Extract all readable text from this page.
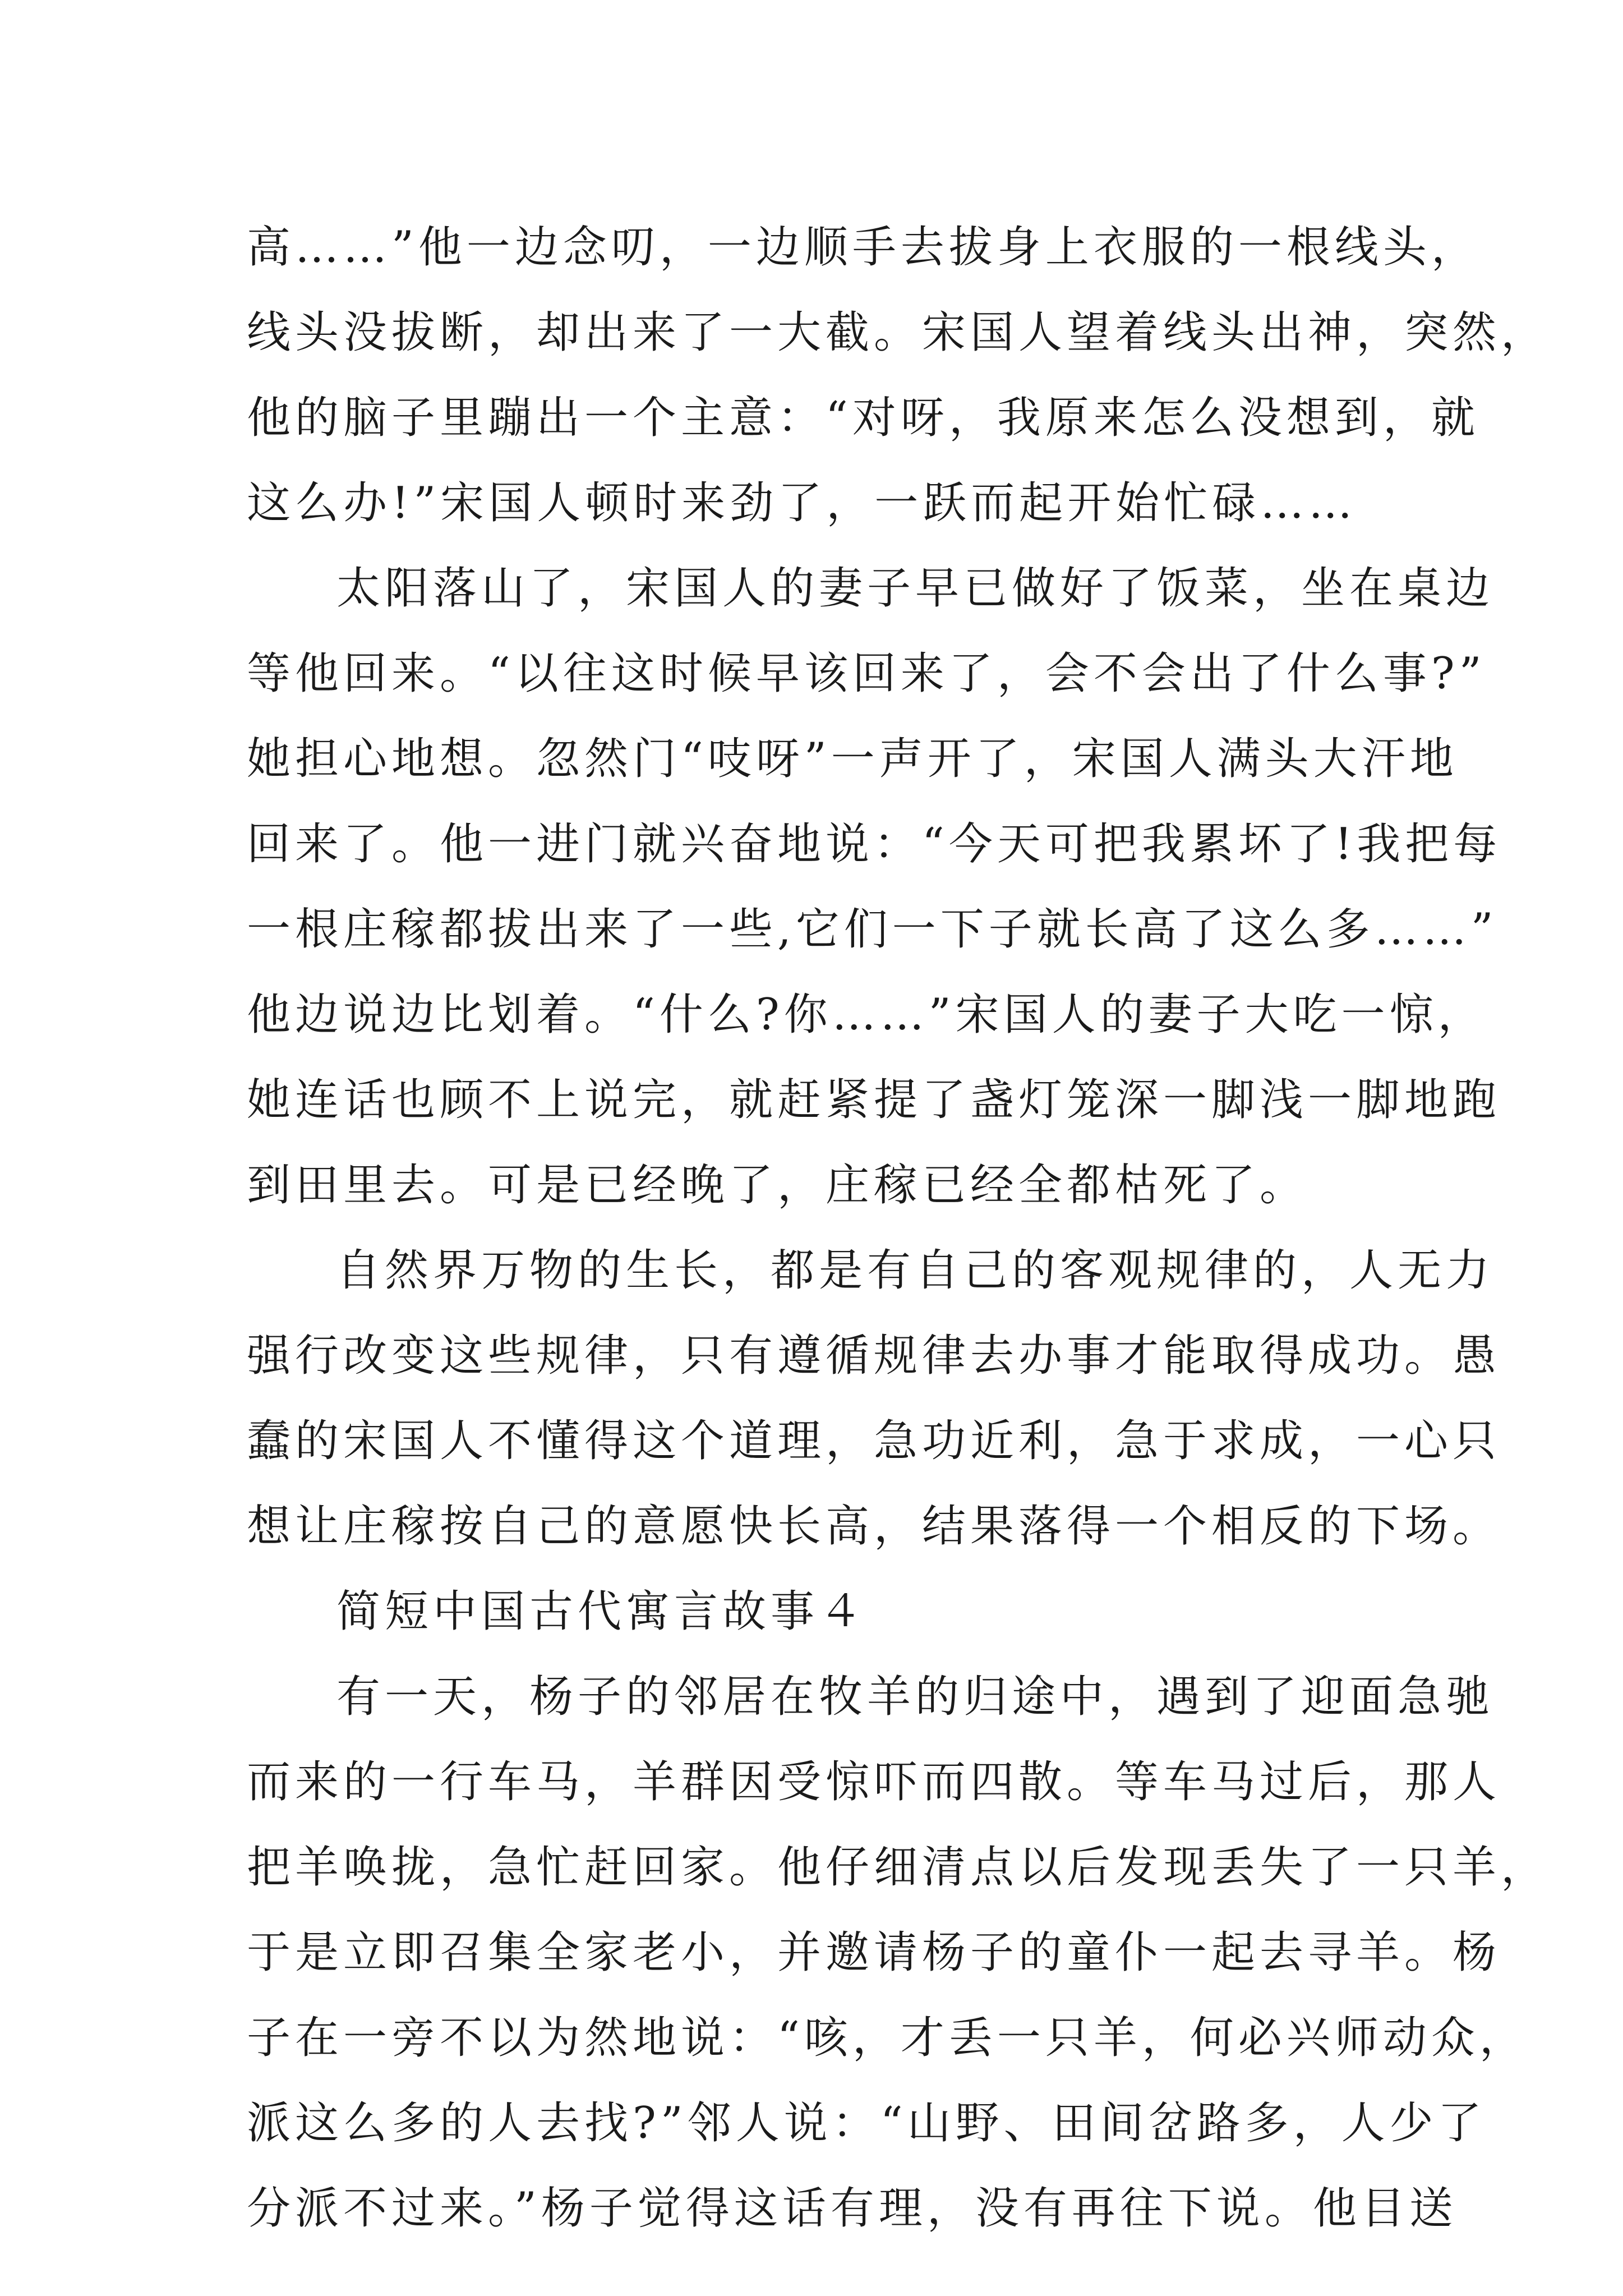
高……”他一边念叨，一边顺手去拔身上衣服的一根线头，
线头没拔断，却出来了一大截。宋国人望着线头出神，突然，
他的脑子里蹦出一个主意：“对呀，我原来怎么没想到，就
这么办!”宋国人顿时来劲了，一跃而起开始忙碌……
太阳落山了，宋国人的妻子早已做好了饭菜，坐在桌边
等他回来。“以往这时候早该回来了，会不会出了什么事?”
她担心地想。忽然门“吱呀”一声开了，宋国人满头大汗地
回来了。他一进门就兴奋地说：“今天可把我累坏了!我把每
一根庄稼都拔出来了一些,它们一下子就长高了这么多……”
他边说边比划着。“什么?你……”宋国人的妻子大吃一惊，
她连话也顾不上说完，就赶紧提了盏灯笼深一脚浅一脚地跑
到田里去。可是已经晚了，庄稼已经全都枯死了。
自然界万物的生长，都是有自己的客观规律的，人无力
强行改变这些规律，只有遵循规律去办事才能取得成功。愚
蠢的宋国人不懂得这个道理，急功近利，急于求成，一心只
想让庄稼按自己的意愿快长高，结果落得一个相反的下场。
简短中国古代寓言故事４
有一天，杨子的邻居在牧羊的归途中，遇到了迎面急驰
而来的一行车马，羊群因受惊吓而四散。等车马过后，那人
把羊唤拢，急忙赶回家。他仔细清点以后发现丢失了一只羊，
于是立即召集全家老小，并邀请杨子的童仆一起去寻羊。杨
子在一旁不以为然地说：“咳，才丢一只羊，何必兴师动众，
派这么多的人去找?”邻人说：“山野、田间岔路多，人少了
分派不过来。”杨子觉得这话有理，没有再往下说。他目送
